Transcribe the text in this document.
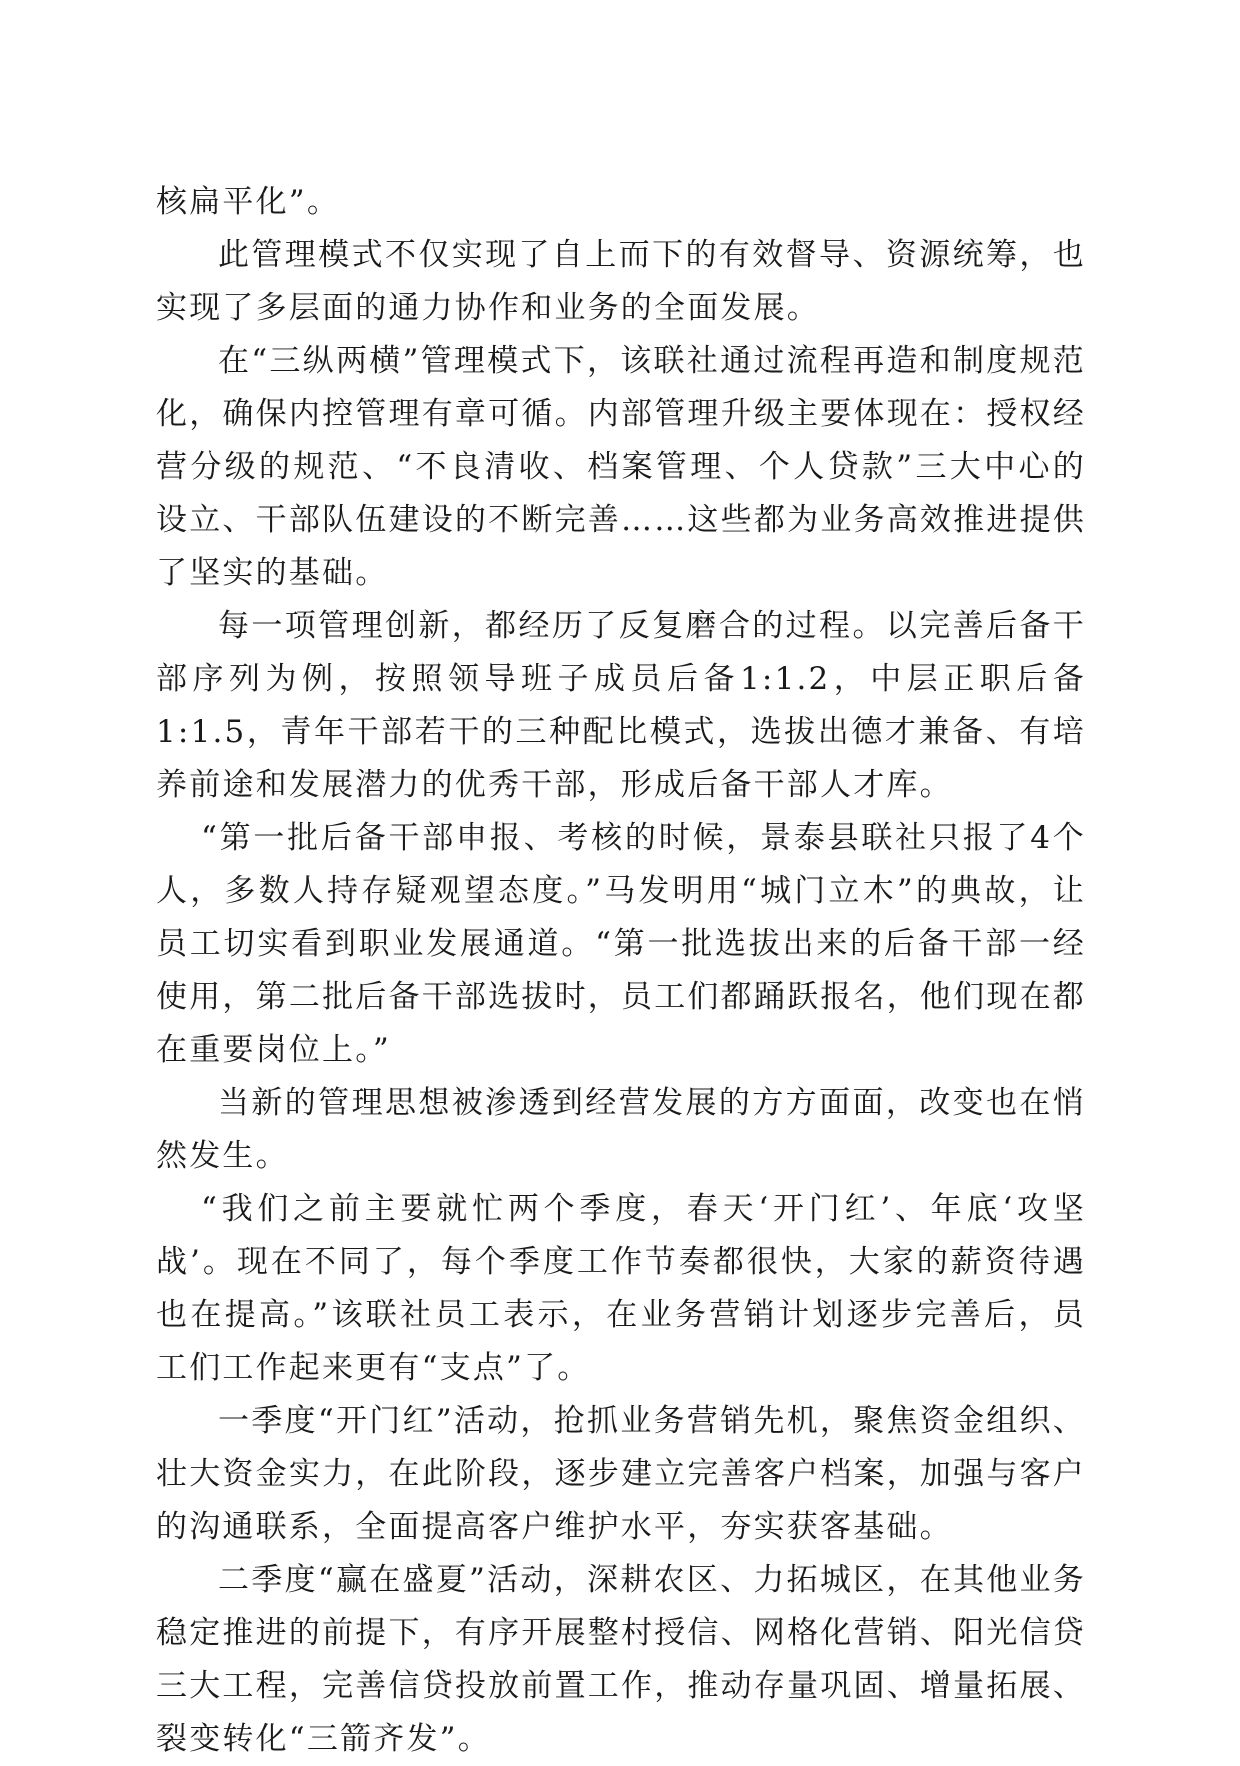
核扁平化”。

此管理模式不仅实现了自上而下的有效督导、资源统筹，也实现了多层面的通力协作和业务的全面发展。

在“三纵两横”管理模式下，该联社通过流程再造和制度规范化，确保内控管理有章可循。内部管理升级主要体现在：授权经营分级的规范、“不良清收、档案管理、个人贷款”三大中心的设立、干部队伍建设的不断完善……这些都为业务高效推进提供了坚实的基础。

每一项管理创新，都经历了反复磨合的过程。以完善后备干部序列为例，按照领导班子成员后备1:1.2，中层正职后备1:1.5，青年干部若干的三种配比模式，选拔出德才兼备、有培养前途和发展潜力的优秀干部，形成后备干部人才库。

“第一批后备干部申报、考核的时候，景泰县联社只报了4个人，多数人持存疑观望态度。”马发明用“城门立木”的典故，让员工切实看到职业发展通道。“第一批选拔出来的后备干部一经使用，第二批后备干部选拔时，员工们都踊跃报名，他们现在都在重要岗位上。”

当新的管理思想被渗透到经营发展的方方面面，改变也在悄然发生。

“我们之前主要就忙两个季度，春天‘开门红’、年底‘攻坚战’。现在不同了，每个季度工作节奏都很快，大家的薪资待遇也在提高。”该联社员工表示，在业务营销计划逐步完善后，员工们工作起来更有“支点”了。

一季度“开门红”活动，抢抓业务营销先机，聚焦资金组织、壮大资金实力，在此阶段，逐步建立完善客户档案，加强与客户的沟通联系，全面提高客户维护水平，夯实获客基础。

二季度“赢在盛夏”活动，深耕农区、力拓城区，在其他业务稳定推进的前提下，有序开展整村授信、网格化营销、阳光信贷三大工程，完善信贷投放前置工作，推动存量巩固、增量拓展、裂变转化“三箭齐发”。
